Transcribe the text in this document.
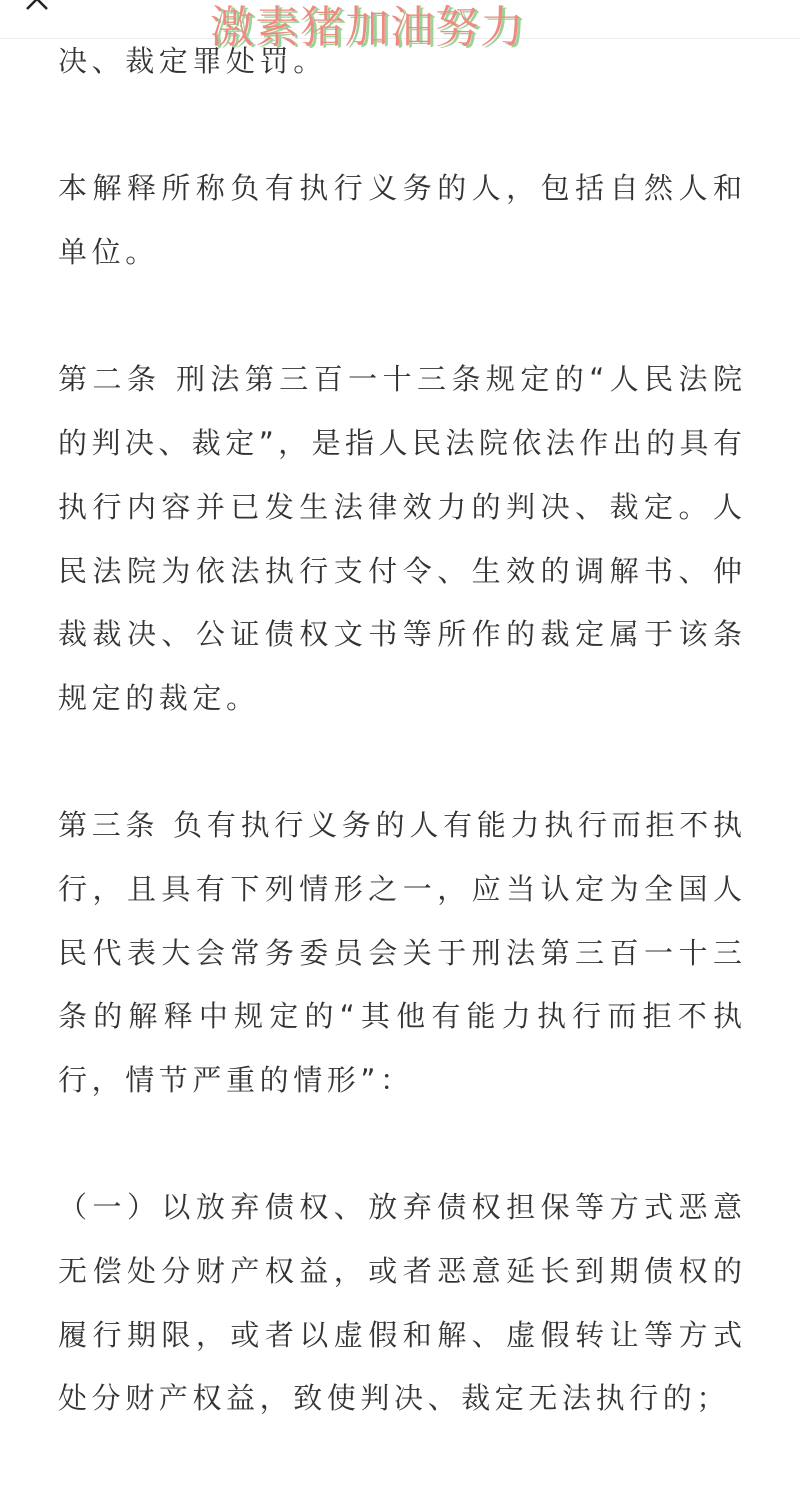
激素猪加油努力
决、裁定罪处罚。
本解释所称负有执行义务的人，包括自然人和
单位。
第二条 刑法第三百一十三条规定的“人民法院
的判决、裁定”，是指人民法院依法作出的具有
执行内容并已发生法律效力的判决、裁定。人
民法院为依法执行支付令、生效的调解书、仲
裁裁决、公证债权文书等所作的裁定属于该条
规定的裁定。
第三条 负有执行义务的人有能力执行而拒不执
行，且具有下列情形之一，应当认定为全国人
民代表大会常务委员会关于刑法第三百一十三
条的解释中规定的“其他有能力执行而拒不执
行，情节严重的情形”：
（一）以放弃债权、放弃债权担保等方式恶意
无偿处分财产权益，或者恶意延长到期债权的
履行期限，或者以虚假和解、虚假转让等方式
处分财产权益，致使判决、裁定无法执行的；
